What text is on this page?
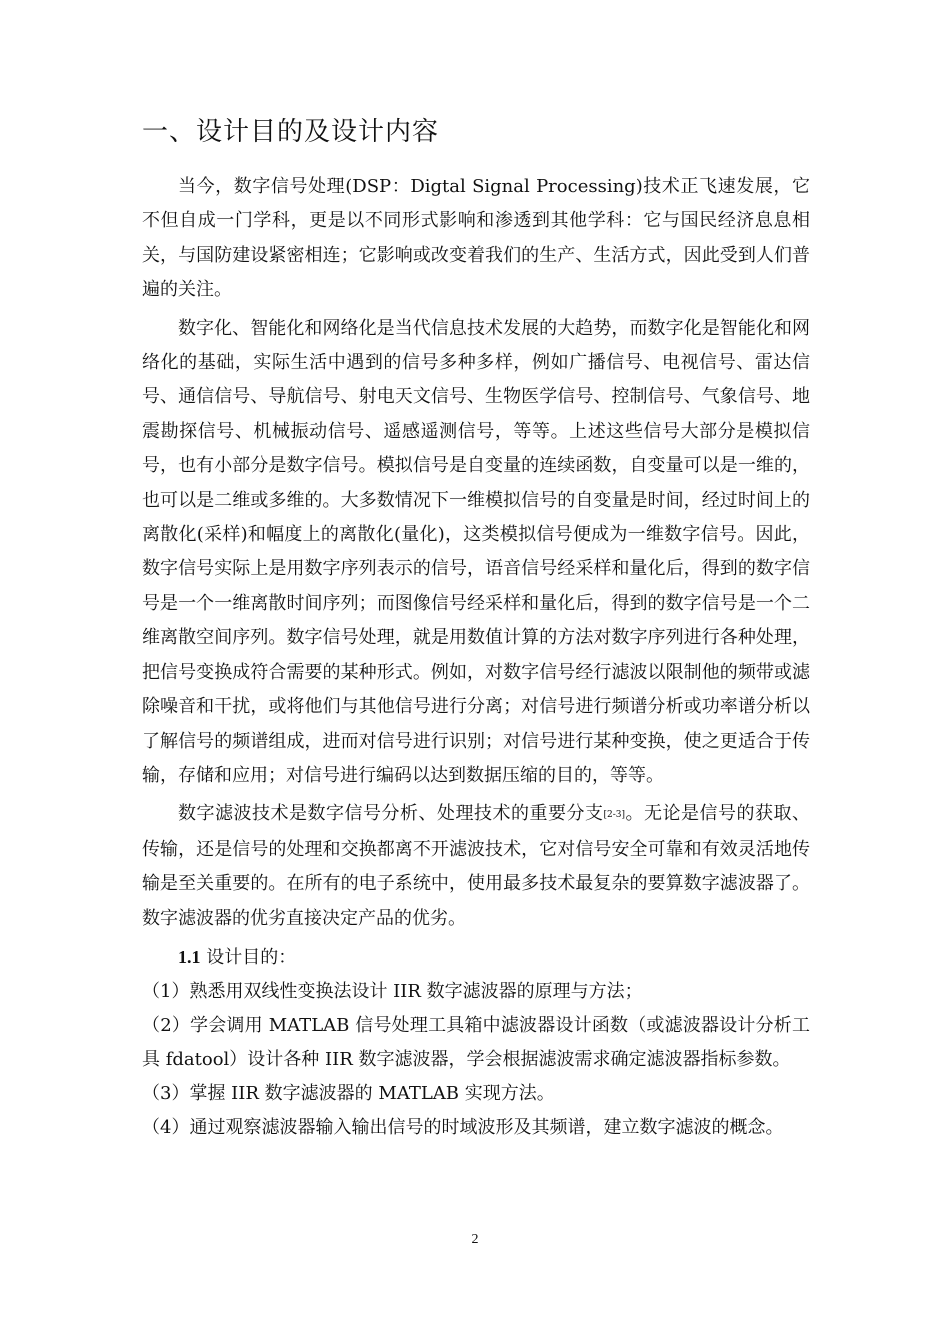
一、设计目的及设计内容

当今，数字信号处理(DSP：Digtal Signal Processing)技术正飞速发展，它不但自成一门学科，更是以不同形式影响和渗透到其他学科：它与国民经济息息相关，与国防建设紧密相连；它影响或改变着我们的生产、生活方式，因此受到人们普遍的关注。

数字化、智能化和网络化是当代信息技术发展的大趋势，而数字化是智能化和网络化的基础，实际生活中遇到的信号多种多样，例如广播信号、电视信号、雷达信号、通信信号、导航信号、射电天文信号、生物医学信号、控制信号、气象信号、地震勘探信号、机械振动信号、遥感遥测信号，等等。上述这些信号大部分是模拟信号，也有小部分是数字信号。模拟信号是自变量的连续函数，自变量可以是一维的，也可以是二维或多维的。大多数情况下一维模拟信号的自变量是时间，经过时间上的离散化(采样)和幅度上的离散化(量化)，这类模拟信号便成为一维数字信号。因此，数字信号实际上是用数字序列表示的信号，语音信号经采样和量化后，得到的数字信号是一个一维离散时间序列；而图像信号经采样和量化后，得到的数字信号是一个二维离散空间序列。数字信号处理，就是用数值计算的方法对数字序列进行各种处理，把信号变换成符合需要的某种形式。例如，对数字信号经行滤波以限制他的频带或滤除噪音和干扰，或将他们与其他信号进行分离；对信号进行频谱分析或功率谱分析以了解信号的频谱组成，进而对信号进行识别；对信号进行某种变换，使之更适合于传输，存储和应用；对信号进行编码以达到数据压缩的目的，等等。

数字滤波技术是数字信号分析、处理技术的重要分支[2-3]。无论是信号的获取、传输，还是信号的处理和交换都离不开滤波技术，它对信号安全可靠和有效灵活地传输是至关重要的。在所有的电子系统中，使用最多技术最复杂的要算数字滤波器了。数字滤波器的优劣直接决定产品的优劣。

1.1 设计目的：

（1）熟悉用双线性变换法设计 IIR 数字滤波器的原理与方法；

（2）学会调用 MATLAB 信号处理工具箱中滤波器设计函数（或滤波器设计分析工具 fdatool）设计各种 IIR 数字滤波器，学会根据滤波需求确定滤波器指标参数。

（3）掌握 IIR 数字滤波器的 MATLAB 实现方法。

（4）通过观察滤波器输入输出信号的时域波形及其频谱，建立数字滤波的概念。

2
